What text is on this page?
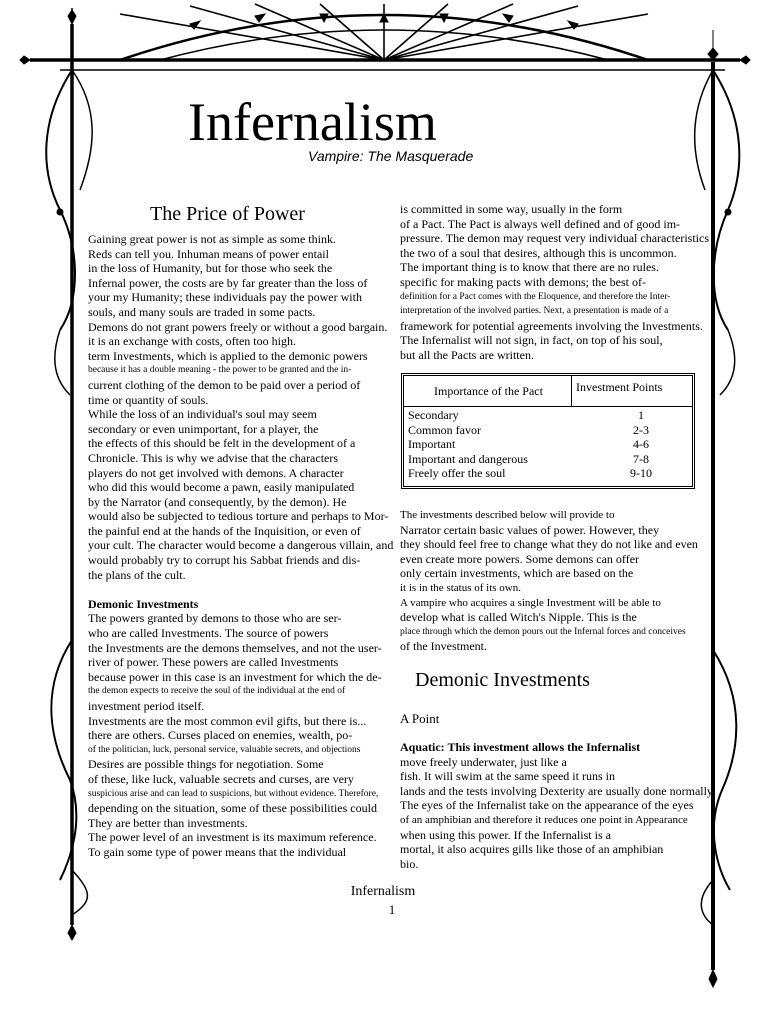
Infernalism
Vampire: The Masquerade
The Price of Power
Gaining great power is not as simple as some think.
Reds can tell you. Inhuman means of power entail
in the loss of Humanity, but for those who seek the
Infernal power, the costs are by far greater than the loss of
your my Humanity; these individuals pay the power with
souls, and many souls are traded in some pacts.
Demons do not grant powers freely or without a good bargain.
it is an exchange with costs, often too high.
term Investments, which is applied to the demonic powers
because it has a double meaning - the power to be granted and the in-
current clothing of the demon to be paid over a period of
time or quantity of souls.
While the loss of an individual's soul may seem
secondary or even unimportant, for a player, the
the effects of this should be felt in the development of a
Chronicle. This is why we advise that the characters
players do not get involved with demons. A character
who did this would become a pawn, easily manipulated
by the Narrator (and consequently, by the demon). He
would also be subjected to tedious torture and perhaps to Mor-
the painful end at the hands of the Inquisition, or even of
your cult. The character would become a dangerous villain, and
would probably try to corrupt his Sabbat friends and dis-
the plans of the cult.
Demonic Investments
The powers granted by demons to those who are ser-
who are called Investments. The source of powers
the Investments are the demons themselves, and not the user-
river of power. These powers are called Investments
because power in this case is an investment for which the de-
the demon expects to receive the soul of the individual at the end of
investment period itself.
Investments are the most common evil gifts, but there is...
there are others. Curses placed on enemies, wealth, po-
of the politician, luck, personal service, valuable secrets, and objections
Desires are possible things for negotiation. Some
of these, like luck, valuable secrets and curses, are very
suspicious arise and can lead to suspicions, but without evidence. Therefore,
depending on the situation, some of these possibilities could
They are better than investments.
The power level of an investment is its maximum reference.
To gain some type of power means that the individual
is committed in some way, usually in the form
of a Pact. The Pact is always well defined and of good im-
pressure. The demon may request very individual characteristics
the two of a soul that desires, although this is uncommon.
The important thing is to know that there are no rules.
specific for making pacts with demons; the best of-
definition for a Pact comes with the Eloquence, and therefore the Inter-
interpretation of the involved parties. Next, a presentation is made of a
framework for potential agreements involving the Investments.
The Infernalist will not sign, in fact, on top of his soul,
but all the Pacts are written.
Importance of the Pact	Investment Points
Secondary	1
Common favor	2-3
Important	4-6
Important and dangerous	7-8
Freely offer the soul	9-10
The investments described below will provide to
Narrator certain basic values of power. However, they
they should feel free to change what they do not like and even
even create more powers. Some demons can offer
only certain investments, which are based on the
it is in the status of its own.
A vampire who acquires a single Investment will be able to
develop what is called Witch's Nipple. This is the
place through which the demon pours out the Infernal forces and conceives
of the Investment.
Demonic Investments
A Point
Aquatic: This investment allows the Infernalist
move freely underwater, just like a
fish. It will swim at the same speed it runs in
lands and the tests involving Dexterity are usually done normally
The eyes of the Infernalist take on the appearance of the eyes
of an amphibian and therefore it reduces one point in Appearance
when using this power. If the Infernalist is a
mortal, it also acquires gills like those of an amphibian
bio.
Infernalism
1
